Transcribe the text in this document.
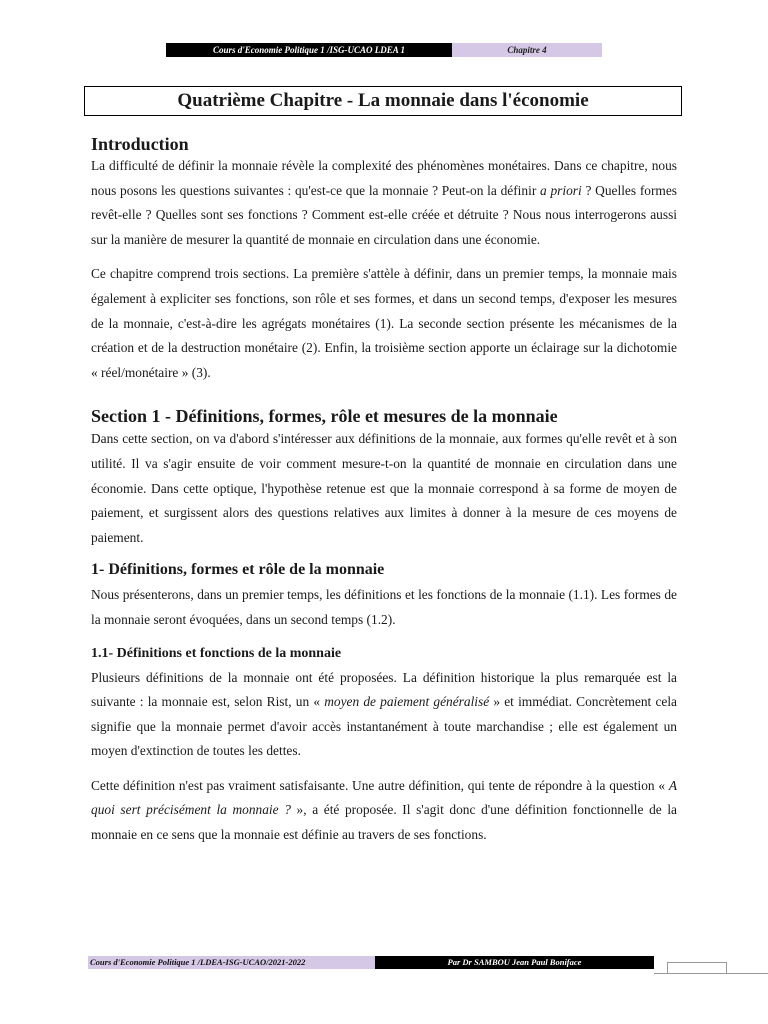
Cours d'Economie Politique 1 /ISG-UCAO LDEA 1	Chapitre 4
Quatrième Chapitre - La monnaie dans l'économie
Introduction

La difficulté de définir la monnaie révèle la complexité des phénomènes monétaires. Dans ce chapitre, nous nous posons les questions suivantes : qu'est-ce que la monnaie ? Peut-on la définir a priori ? Quelles formes revêt-elle ? Quelles sont ses fonctions ? Comment est-elle créée et détruite ? Nous nous interrogerons aussi sur la manière de mesurer la quantité de monnaie en circulation dans une économie.

Ce chapitre comprend trois sections. La première s'attèle à définir, dans un premier temps, la monnaie mais également à expliciter ses fonctions, son rôle et ses formes, et dans un second temps, d'exposer les mesures de la monnaie, c'est-à-dire les agrégats monétaires (1). La seconde section présente les mécanismes de la création et de la destruction monétaire (2). Enfin, la troisième section apporte un éclairage sur la dichotomie « réel/monétaire » (3).

Section 1 - Définitions, formes, rôle et mesures de la monnaie

Dans cette section, on va d'abord s'intéresser aux définitions de la monnaie, aux formes qu'elle revêt et à son utilité. Il va s'agir ensuite de voir comment mesure-t-on la quantité de monnaie en circulation dans une économie. Dans cette optique, l'hypothèse retenue est que la monnaie correspond à sa forme de moyen de paiement, et surgissent alors des questions relatives aux limites à donner à la mesure de ces moyens de paiement.

1- Définitions, formes et rôle de la monnaie

Nous présenterons, dans un premier temps, les définitions et les fonctions de la monnaie (1.1). Les formes de la monnaie seront évoquées, dans un second temps (1.2).

1.1- Définitions et fonctions de la monnaie

Plusieurs définitions de la monnaie ont été proposées. La définition historique la plus remarquée est la suivante : la monnaie est, selon Rist, un « moyen de paiement généralisé » et immédiat. Concrètement cela signifie que la monnaie permet d'avoir accès instantanément à toute marchandise ; elle est également un moyen d'extinction de toutes les dettes.

Cette définition n'est pas vraiment satisfaisante. Une autre définition, qui tente de répondre à la question « A quoi sert précisément la monnaie ? », a été proposée. Il s'agit donc d'une définition fonctionnelle de la monnaie en ce sens que la monnaie est définie au travers de ses fonctions.

Cours d'Economie Politique 1 /LDEA-ISG-UCAO/2021-2022	Par Dr SAMBOU Jean Paul Boniface
